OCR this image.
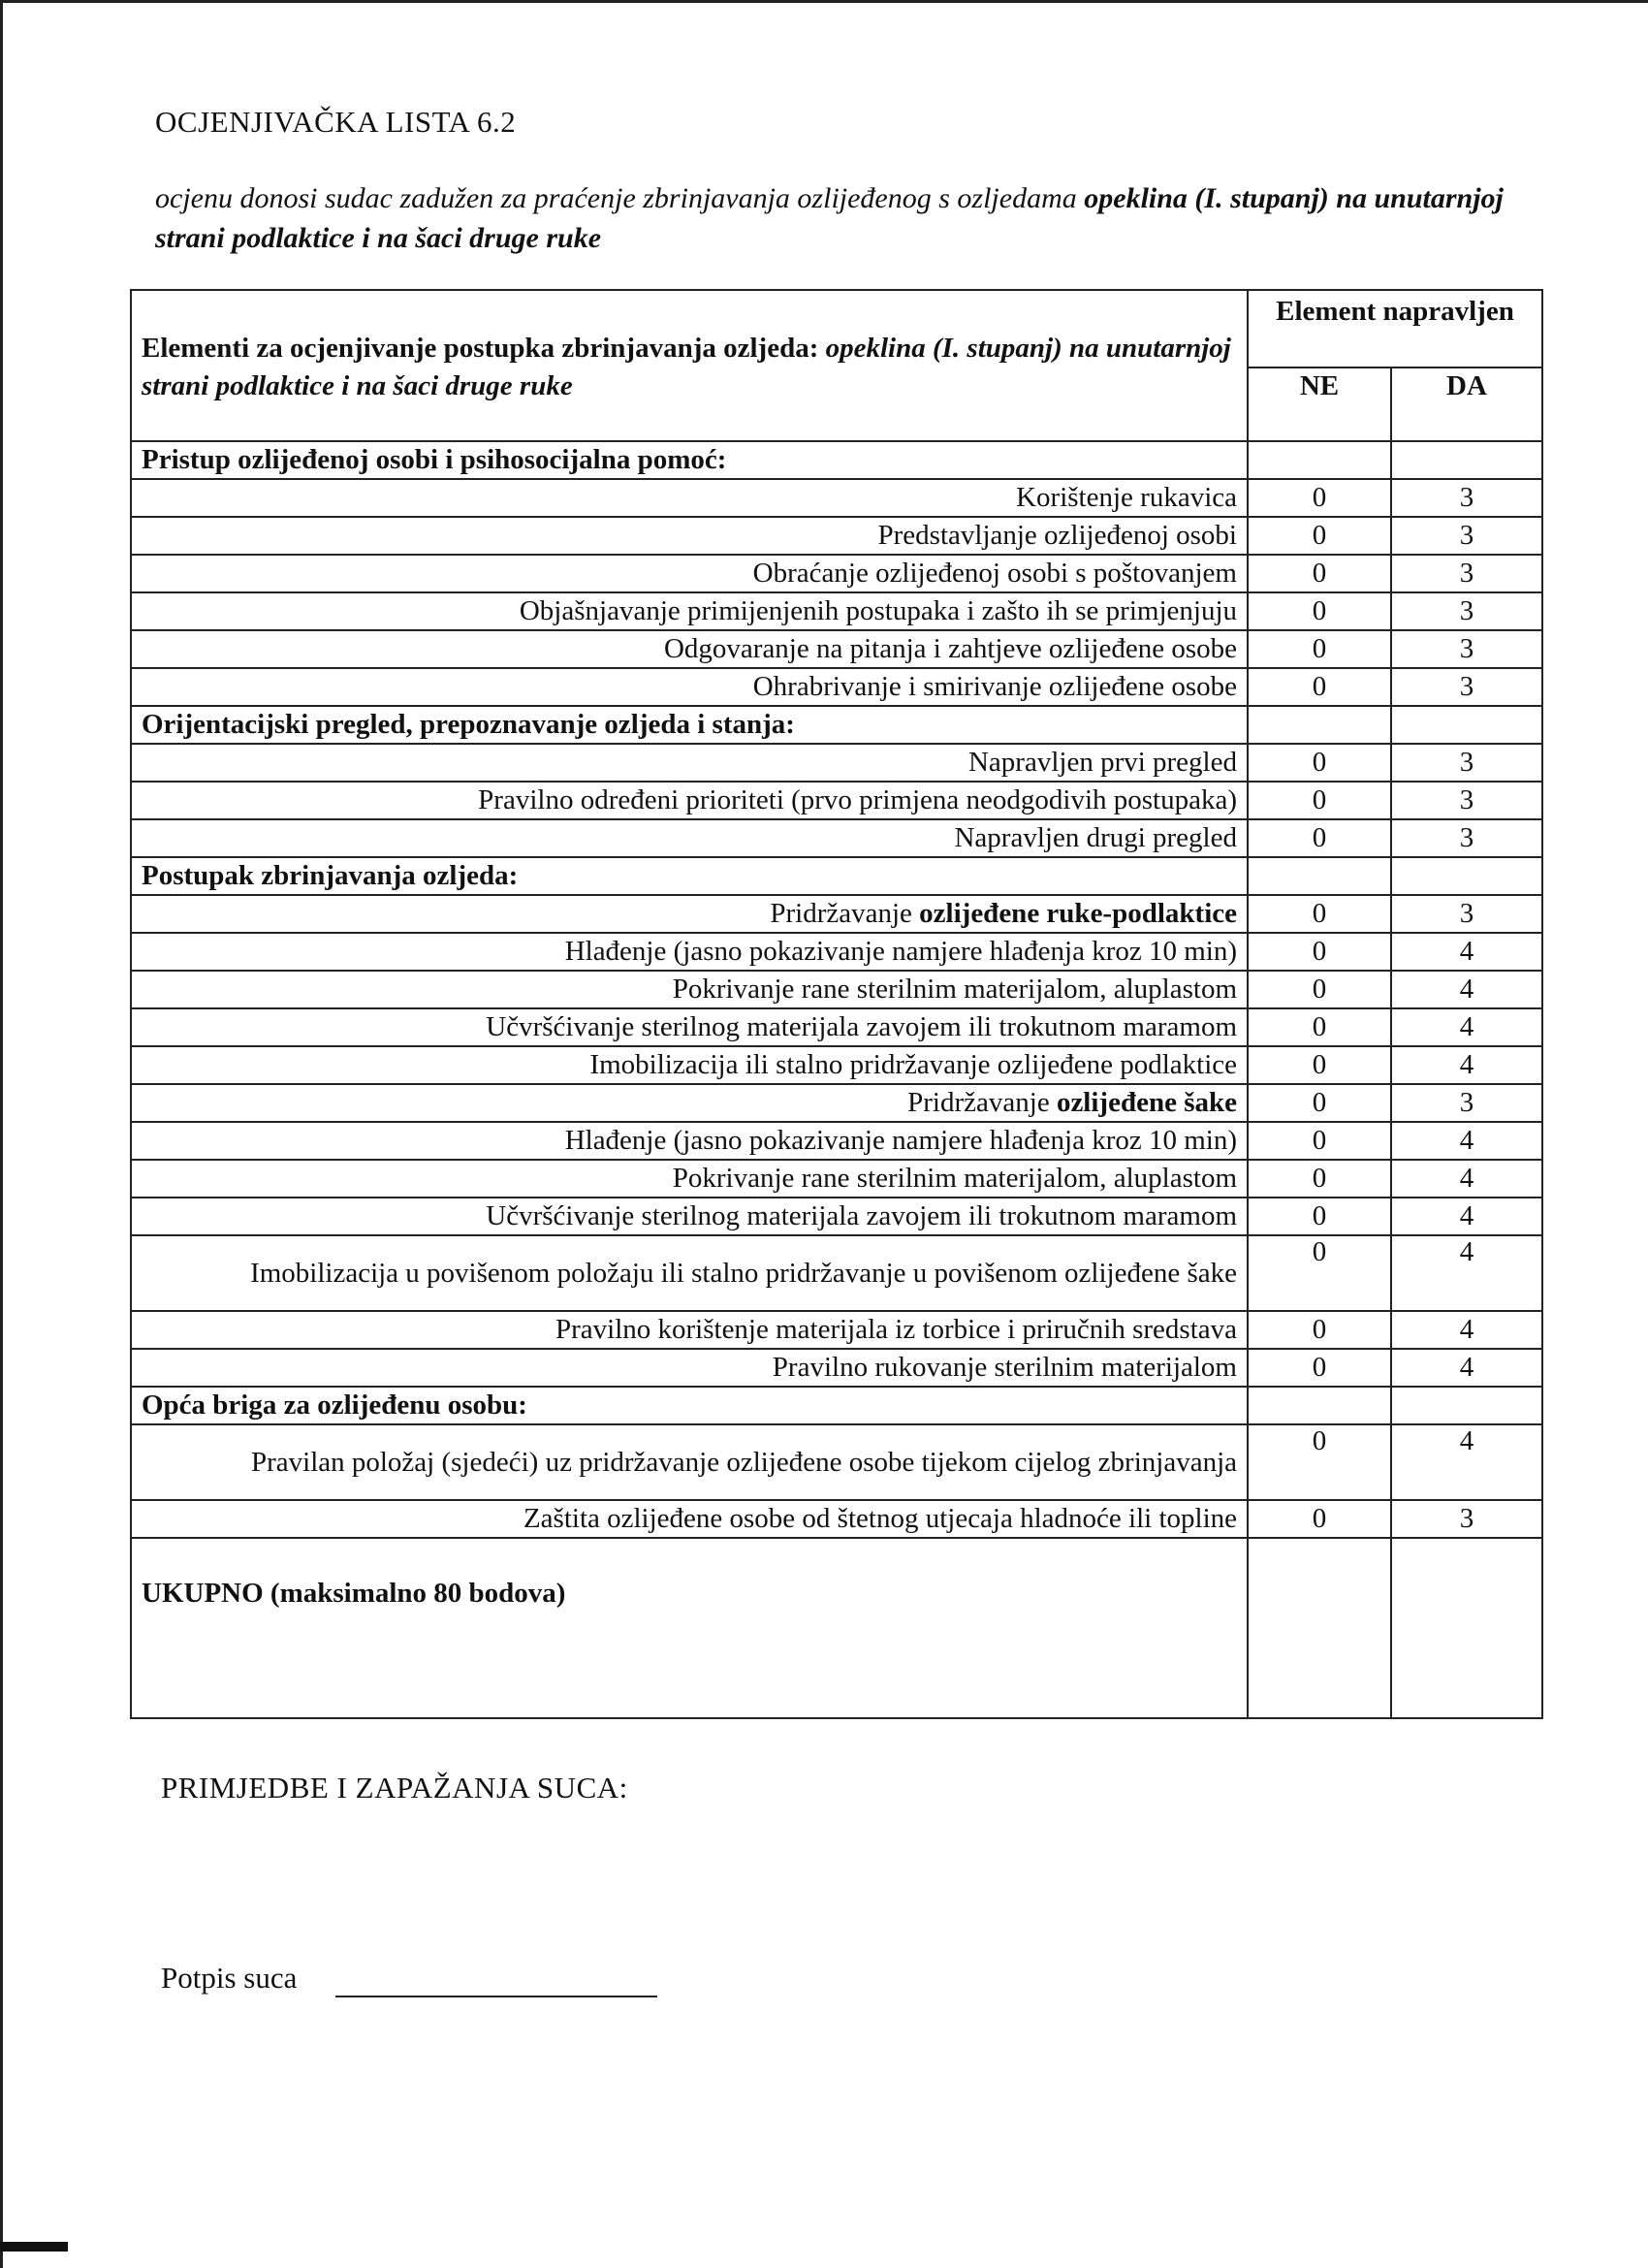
OCJENJIVAČKA LISTA 6.2
ocjenu donosi sudac zadužen za praćenje zbrinjavanja ozlijeđenog s ozljedama opeklina (I. stupanj) na unutarnjoj strani podlaktice i na šaci druge ruke
Elementi za ocjenjivanje postupka zbrinjavanja ozljeda: opeklina (I. stupanj) na unutarnjoj strani podlaktice i na šaci druge ruke	Element napravljen	
	NE	DA
Pristup ozlijeđenoj osobi i psihosocijalna pomoć:		
Korištenje rukavica	0	3
Predstavljanje ozlijeđenoj osobi	0	3
Obraćanje ozlijeđenoj osobi s poštovanjem	0	3
Objašnjavanje primijenjenih postupaka i zašto ih se primjenjuju	0	3
Odgovaranje na pitanja i zahtjeve ozlijeđene osobe	0	3
Ohrabrivanje i smirivanje ozlijeđene osobe	0	3
Orijentacijski pregled, prepoznavanje ozljeda i stanja:		
Napravljen prvi pregled	0	3
Pravilno određeni prioriteti (prvo primjena neodgodivih postupaka)	0	3
Napravljen drugi pregled	0	3
Postupak zbrinjavanja ozljeda:		
Pridržavanje ozlijeđene ruke-podlaktice	0	3
Hlađenje (jasno pokazivanje namjere hlađenja kroz 10 min)	0	4
Pokrivanje rane sterilnim materijalom, aluplastom	0	4
Učvršćivanje sterilnog materijala zavojem ili trokutnom maramom	0	4
Imobilizacija ili stalno pridržavanje ozlijeđene podlaktice	0	4
Pridržavanje ozlijeđene šake	0	3
Hlađenje (jasno pokazivanje namjere hlađenja kroz 10 min)	0	4
Pokrivanje rane sterilnim materijalom, aluplastom	0	4
Učvršćivanje sterilnog materijala zavojem ili trokutnom maramom	0	4
Imobilizacija u povišenom položaju ili stalno pridržavanje u povišenom ozlijeđene šake	0	4
Pravilno korištenje materijala iz torbice i priručnih sredstava	0	4
Pravilno rukovanje sterilnim materijalom	0	4
Opća briga za ozlijeđenu osobu:		
Pravilan položaj (sjedeći) uz pridržavanje ozlijeđene osobe tijekom cijelog zbrinjavanja	0	4
Zaštita ozlijeđene osobe od štetnog utjecaja hladnoće ili topline	0	3
UKUPNO (maksimalno 80 bodova)		
PRIMJEDBE I ZAPAŽANJA SUCA:
Potpis suca
